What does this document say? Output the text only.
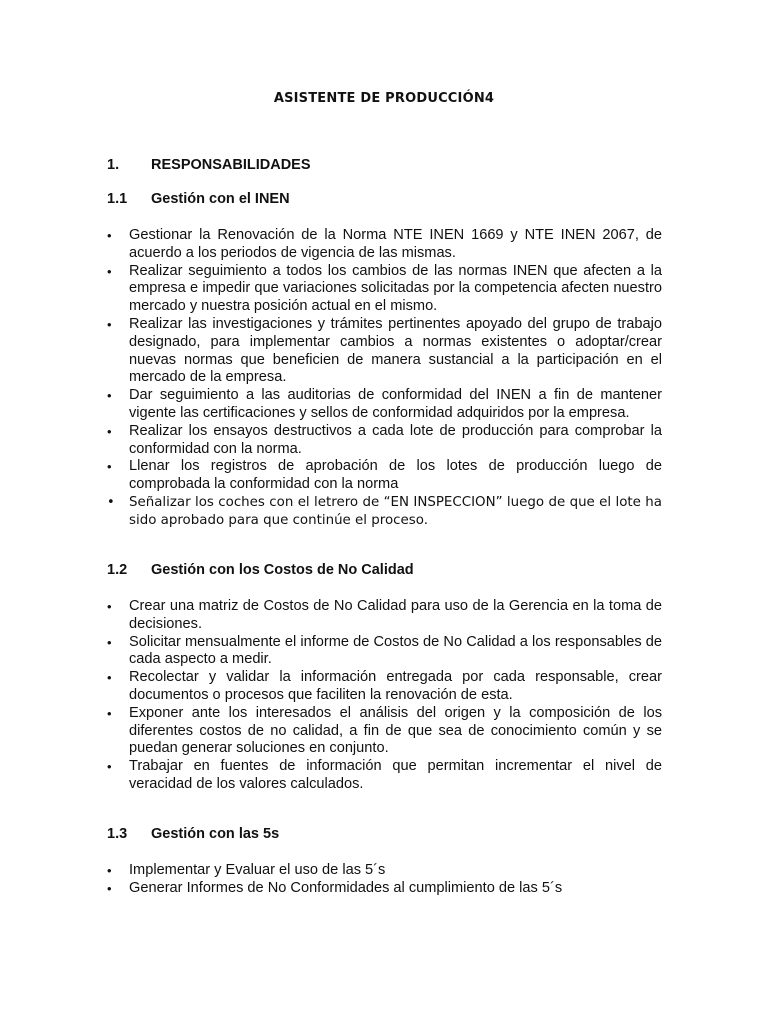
ASISTENTE DE PRODUCCIÓN4
1. RESPONSABILIDADES
1.1 Gestión con el INEN
• Gestionar la Renovación de la Norma NTE INEN 1669 y NTE INEN 2067, de acuerdo a los periodos de vigencia de las mismas.
• Realizar seguimiento a todos los cambios de las normas INEN que afecten a la empresa e impedir que variaciones solicitadas por la competencia afecten nuestro mercado y nuestra posición actual en el mismo.
• Realizar las investigaciones y trámites pertinentes apoyado del grupo de trabajo designado, para implementar cambios a normas existentes o adoptar/crear nuevas normas que beneficien de manera sustancial a la participación en el mercado de la empresa.
• Dar seguimiento a las auditorias de conformidad del INEN a fin de mantener vigente las certificaciones y sellos de conformidad adquiridos por la empresa.
• Realizar los ensayos destructivos a cada lote de producción para comprobar la conformidad con la norma.
• Llenar los registros de aprobación de los lotes de producción luego de comprobada la conformidad con la norma
• Señalizar los coches con el letrero de “EN INSPECCION” luego de que el lote ha sido aprobado para que continúe el proceso.
1.2 Gestión con los Costos de No Calidad
• Crear una matriz de Costos de No Calidad para uso de la Gerencia en la toma de decisiones.
• Solicitar mensualmente el informe de Costos de No Calidad a los responsables de cada aspecto a medir.
• Recolectar y validar la información entregada por cada responsable, crear documentos o procesos que faciliten la renovación de esta.
• Exponer ante los interesados el análisis del origen y la composición de los diferentes costos de no calidad, a fin de que sea de conocimiento común y se puedan generar soluciones en conjunto.
• Trabajar en fuentes de información que permitan incrementar el nivel de veracidad de los valores calculados.
1.3 Gestión con las 5s
• Implementar y Evaluar el uso de las 5´s
• Generar Informes de No Conformidades al cumplimiento de las 5´s
